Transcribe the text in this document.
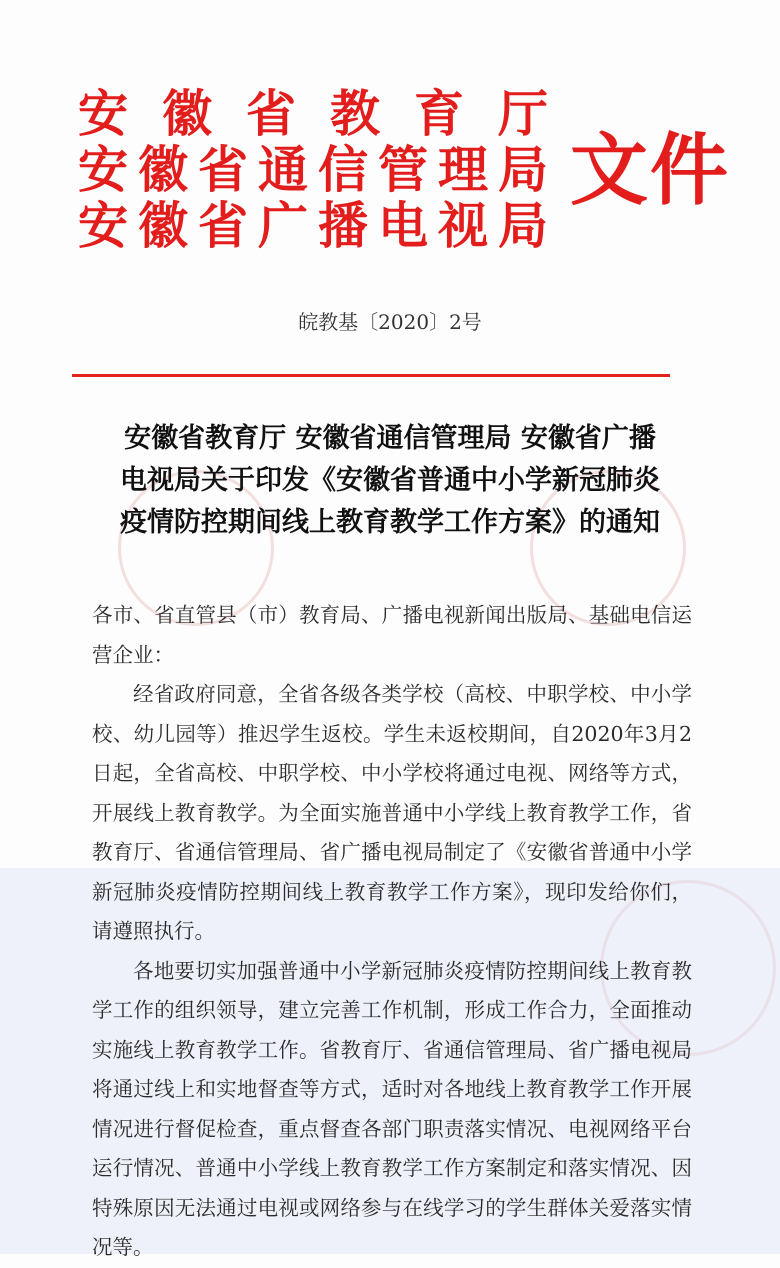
安 徽 省 教 育 厅
安 徽 省 通 信 管 理 局
安 徽 省 广 播 电 视 局
文件
皖教基〔2020〕2号
安徽省教育厅 安徽省通信管理局 安徽省广播
电视局关于印发《安徽省普通中小学新冠肺炎
疫情防控期间线上教育教学工作方案》的通知

各市、省直管县（市）教育局、广播电视新闻出版局、基础电信运营企业：

经省政府同意，全省各级各类学校（高校、中职学校、中小学校、幼儿园等）推迟学生返校。学生未返校期间，自2020年3月2日起，全省高校、中职学校、中小学校将通过电视、网络等方式，开展线上教育教学。为全面实施普通中小学线上教育教学工作，省教育厅、省通信管理局、省广播电视局制定了《安徽省普通中小学新冠肺炎疫情防控期间线上教育教学工作方案》，现印发给你们，请遵照执行。

各地要切实加强普通中小学新冠肺炎疫情防控期间线上教育教学工作的组织领导，建立完善工作机制，形成工作合力，全面推动实施线上教育教学工作。省教育厅、省通信管理局、省广播电视局将通过线上和实地督查等方式，适时对各地线上教育教学工作开展情况进行督促检查，重点督查各部门职责落实情况、电视网络平台运行情况、普通中小学线上教育教学工作方案制定和落实情况、因特殊原因无法通过电视或网络参与在线学习的学生群体关爱落实情况等。
